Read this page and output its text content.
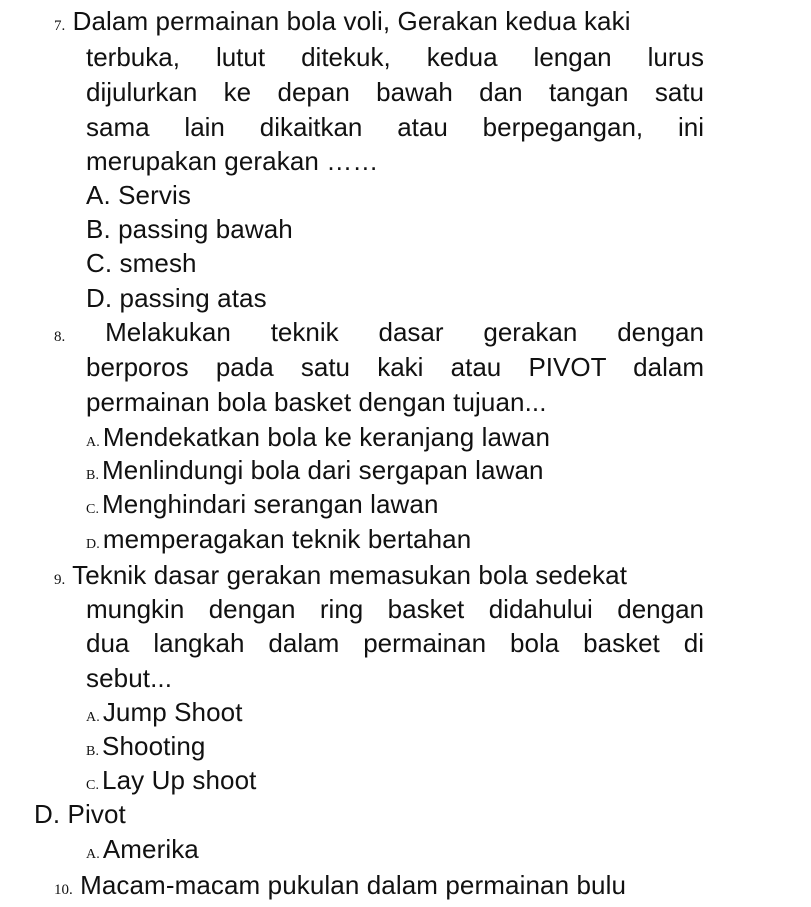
7. Dalam permainan bola voli, Gerakan kedua kaki
terbuka, lutut ditekuk, kedua lengan lurus
dijulurkan ke depan bawah dan tangan satu
sama lain dikaitkan atau berpegangan, ini
merupakan gerakan ……
A. Servis
B. passing bawah
C. smesh
D. passing atas
8. Melakukan teknik dasar gerakan dengan
berporos pada satu kaki atau PIVOT dalam
permainan bola basket dengan tujuan...
A. Mendekatkan bola ke keranjang lawan
B. Menlindungi bola dari sergapan lawan
C. Menghindari serangan lawan
D. memperagakan teknik bertahan
9. Teknik dasar gerakan memasukan bola sedekat
mungkin dengan ring basket didahului dengan
dua langkah dalam permainan bola basket di
sebut...
A. Jump Shoot
B. Shooting
C. Lay Up shoot
D. Pivot
A. Amerika
10. Macam-macam pukulan dalam permainan bulu
